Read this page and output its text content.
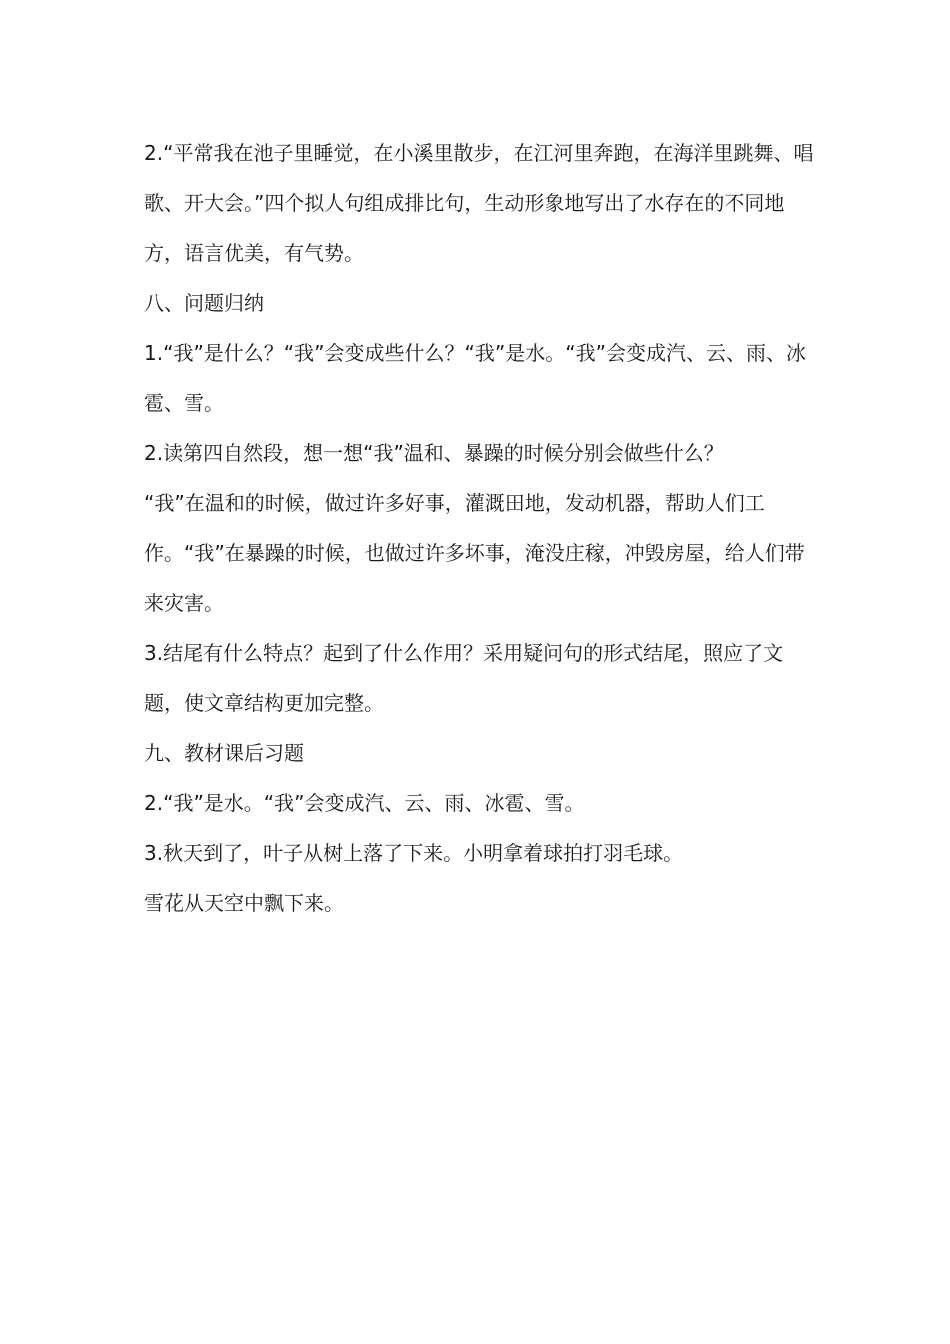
2.“平常我在池子里睡觉，在小溪里散步，在江河里奔跑，在海洋里跳舞、唱歌、开大会。”四个拟人句组成排比句，生动形象地写出了水存在的不同地方，语言优美，有气势。

八、问题归纳

1.“我”是什么？“我”会变成些什么？“我”是水。“我”会变成汽、云、雨、冰雹、雪。

2.读第四自然段，想一想“我”温和、暴躁的时候分别会做些什么？

“我”在温和的时候，做过许多好事，灌溉田地，发动机器，帮助人们工作。“我”在暴躁的时候，也做过许多坏事，淹没庄稼，冲毁房屋，给人们带来灾害。

3.结尾有什么特点？起到了什么作用？采用疑问句的形式结尾，照应了文题，使文章结构更加完整。

九、教材课后习题

2.“我”是水。“我”会变成汽、云、雨、冰雹、雪。

3.秋天到了，叶子从树上落了下来。小明拿着球拍打羽毛球。

雪花从天空中飘下来。
